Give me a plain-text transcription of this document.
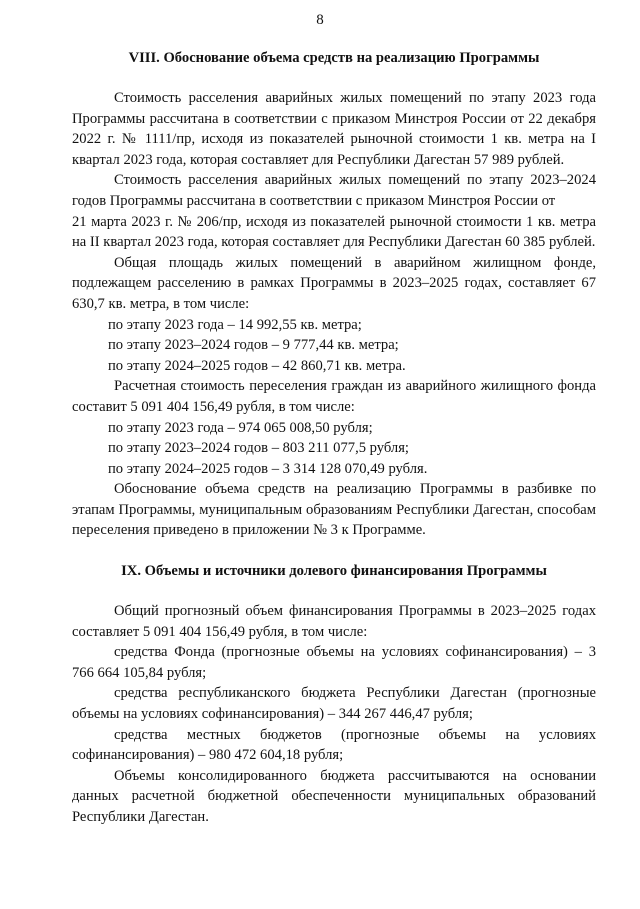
8
VIII. Обоснование объема средств на реализацию Программы

Стоимость расселения аварийных жилых помещений по этапу 2023 года Программы рассчитана в соответствии с приказом Минстроя России от 22 декабря 2022 г. № 1111/пр, исходя из показателей рыночной стоимости 1 кв. метра на I квартал 2023 года, которая составляет для Республики Дагестан 57 989 рублей.

Стоимость расселения аварийных жилых помещений по этапу 2023–2024 годов Программы рассчитана в соответствии с приказом Минстроя России от

21 марта 2023 г. № 206/пр, исходя из показателей рыночной стоимости 1 кв. метра на II квартал 2023 года, которая составляет для Республики Дагестан 60 385 рублей.

Общая площадь жилых помещений в аварийном жилищном фонде, подлежащем расселению в рамках Программы в 2023–2025 годах, составляет 67 630,7 кв. метра, в том числе:

по этапу 2023 года – 14 992,55 кв. метра;

по этапу 2023–2024 годов – 9 777,44 кв. метра;

по этапу 2024–2025 годов – 42 860,71 кв. метра.

Расчетная стоимость переселения граждан из аварийного жилищного фонда составит 5 091 404 156,49 рубля, в том числе:

по этапу 2023 года – 974 065 008,50 рубля;

по этапу 2023–2024 годов – 803 211 077,5 рубля;

по этапу 2024–2025 годов – 3 314 128 070,49 рубля.

Обоснование объема средств на реализацию Программы в разбивке по этапам Программы, муниципальным образованиям Республики Дагестан, способам переселения приведено в приложении № 3 к Программе.

IX. Объемы и источники долевого финансирования Программы

Общий прогнозный объем финансирования Программы в 2023–2025 годах составляет 5 091 404 156,49 рубля, в том числе:

средства Фонда (прогнозные объемы на условиях софинансирования) – 3 766 664 105,84 рубля;

средства республиканского бюджета Республики Дагестан (прогнозные объемы на условиях софинансирования) – 344 267 446,47 рубля;

средства местных бюджетов (прогнозные объемы на условиях софинансирования) – 980 472 604,18 рубля;

Объемы консолидированного бюджета рассчитываются на основании данных расчетной бюджетной обеспеченности муниципальных образований Республики Дагестан.
